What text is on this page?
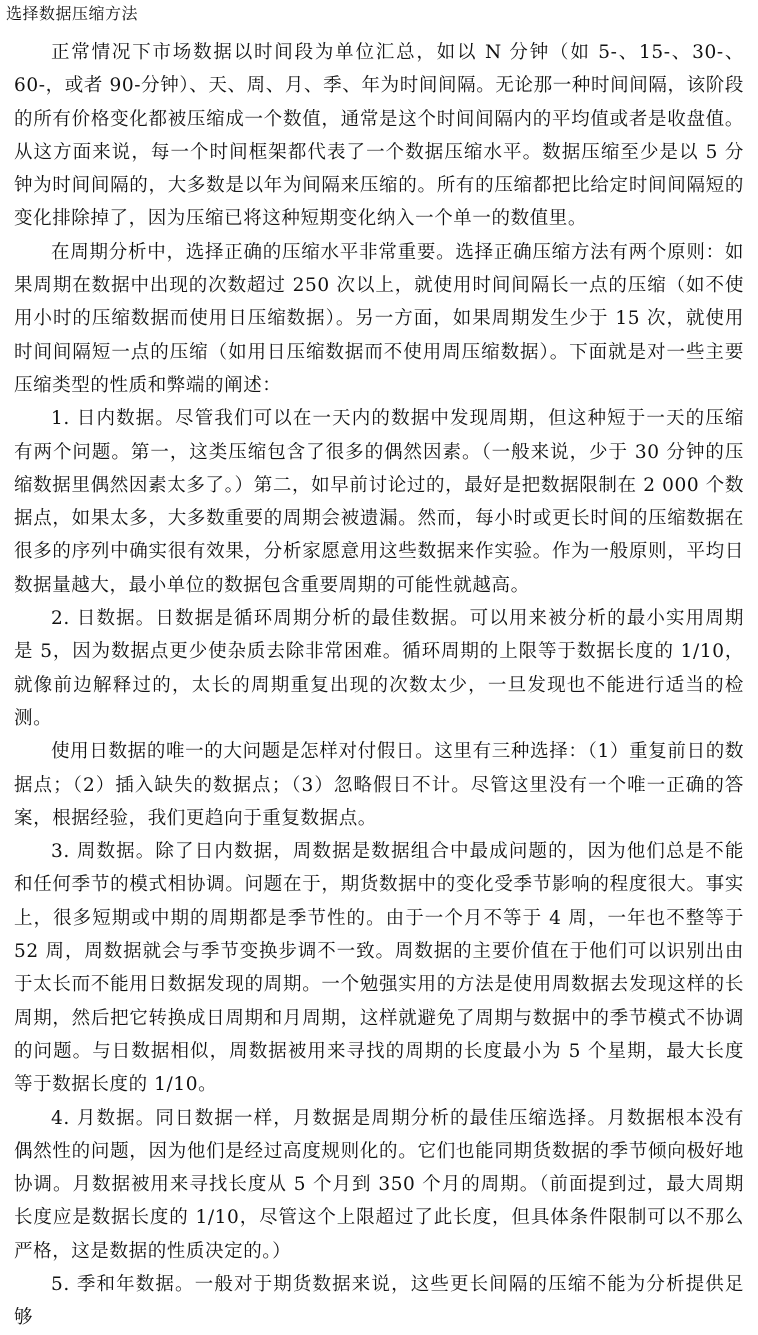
选择数据压缩方法

正常情况下市场数据以时间段为单位汇总，如以 N 分钟（如 5-、15-、30-、60-，或者 90-分钟）、天、周、月、季、年为时间间隔。无论那一种时间间隔，该阶段的所有价格变化都被压缩成一个数值，通常是这个时间间隔内的平均值或者是收盘值。从这方面来说，每一个时间框架都代表了一个数据压缩水平。数据压缩至少是以 5 分钟为时间间隔的，大多数是以年为间隔来压缩的。所有的压缩都把比给定时间间隔短的变化排除掉了，因为压缩已将这种短期变化纳入一个单一的数值里。

在周期分析中，选择正确的压缩水平非常重要。选择正确压缩方法有两个原则：如果周期在数据中出现的次数超过 250 次以上，就使用时间间隔长一点的压缩（如不使用小时的压缩数据而使用日压缩数据）。另一方面，如果周期发生少于 15 次，就使用时间间隔短一点的压缩（如用日压缩数据而不使用周压缩数据）。下面就是对一些主要压缩类型的性质和弊端的阐述：

1. 日内数据。尽管我们可以在一天内的数据中发现周期，但这种短于一天的压缩有两个问题。第一，这类压缩包含了很多的偶然因素。（一般来说，少于 30 分钟的压缩数据里偶然因素太多了。）第二，如早前讨论过的，最好是把数据限制在 2 000 个数据点，如果太多，大多数重要的周期会被遗漏。然而，每小时或更长时间的压缩数据在很多的序列中确实很有效果，分析家愿意用这些数据来作实验。作为一般原则，平均日数据量越大，最小单位的数据包含重要周期的可能性就越高。

2. 日数据。日数据是循环周期分析的最佳数据。可以用来被分析的最小实用周期是 5，因为数据点更少使杂质去除非常困难。循环周期的上限等于数据长度的 1/10，就像前边解释过的，太长的周期重复出现的次数太少，一旦发现也不能进行适当的检测。

使用日数据的唯一的大问题是怎样对付假日。这里有三种选择：（1）重复前日的数据点；（2）插入缺失的数据点；（3）忽略假日不计。尽管这里没有一个唯一正确的答案，根据经验，我们更趋向于重复数据点。

3. 周数据。除了日内数据，周数据是数据组合中最成问题的，因为他们总是不能和任何季节的模式相协调。问题在于，期货数据中的变化受季节影响的程度很大。事实上，很多短期或中期的周期都是季节性的。由于一个月不等于 4 周，一年也不整等于 52 周，周数据就会与季节变换步调不一致。周数据的主要价值在于他们可以识别出由于太长而不能用日数据发现的周期。一个勉强实用的方法是使用周数据去发现这样的长周期，然后把它转换成日周期和月周期，这样就避免了周期与数据中的季节模式不协调的问题。与日数据相似，周数据被用来寻找的周期的长度最小为 5 个星期，最大长度等于数据长度的 1/10。

4. 月数据。同日数据一样，月数据是周期分析的最佳压缩选择。月数据根本没有偶然性的问题，因为他们是经过高度规则化的。它们也能同期货数据的季节倾向极好地协调。月数据被用来寻找长度从 5 个月到 350 个月的周期。（前面提到过，最大周期长度应是数据长度的 1/10，尽管这个上限超过了此长度，但具体条件限制可以不那么严格，这是数据的性质决定的。）

5. 季和年数据。一般对于期货数据来说，这些更长间隔的压缩不能为分析提供足够
